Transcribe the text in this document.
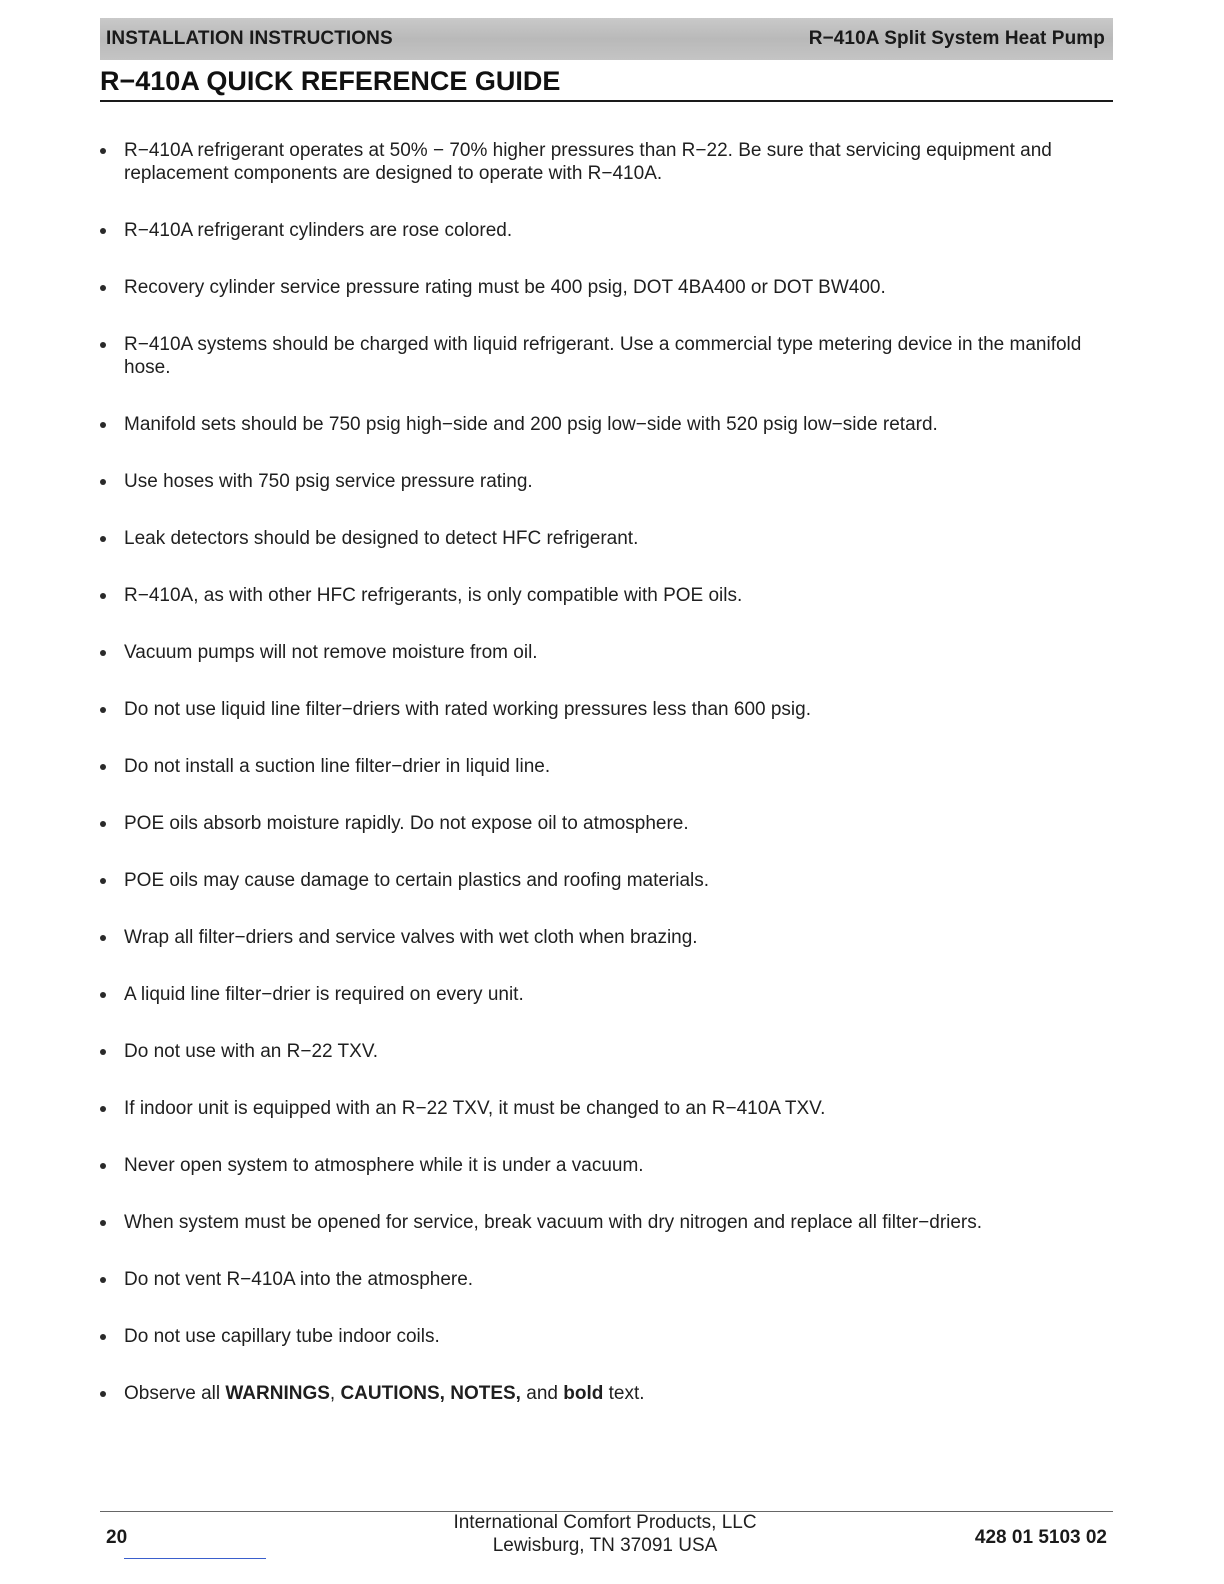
INSTALLATION INSTRUCTIONS	R−410A Split System Heat Pump
R−410A QUICK REFERENCE GUIDE
R−410A refrigerant operates at 50% − 70% higher pressures than R−22. Be sure that servicing equipment and replacement components are designed to operate with R−410A.
R−410A refrigerant cylinders are rose colored.
Recovery cylinder service pressure rating must be 400 psig, DOT 4BA400 or DOT BW400.
R−410A systems should be charged with liquid refrigerant. Use a commercial type metering device in the manifold hose.
Manifold sets should be 750 psig high−side and 200 psig low−side with 520 psig low−side retard.
Use hoses with 750 psig service pressure rating.
Leak detectors should be designed to detect HFC refrigerant.
R−410A, as with other HFC refrigerants, is only compatible with POE oils.
Vacuum pumps will not remove moisture from oil.
Do not use liquid line filter−driers with rated working pressures less than 600 psig.
Do not install a suction line filter−drier in liquid line.
POE oils absorb moisture rapidly. Do not expose oil to atmosphere.
POE oils may cause damage to certain plastics and roofing materials.
Wrap all filter−driers and service valves with wet cloth when brazing.
A liquid line filter−drier is required on every unit.
Do not use with an R−22 TXV.
If indoor unit is equipped with an R−22 TXV, it must be changed to an R−410A TXV.
Never open system to atmosphere while it is under a vacuum.
When system must be opened for service, break vacuum with dry nitrogen and replace all filter−driers.
Do not vent R−410A into the atmosphere.
Do not use capillary tube indoor coils.
Observe all WARNINGS, CAUTIONS, NOTES, and bold text.
20
International Comfort Products, LLC
Lewisburg, TN 37091 USA	428 01 5103 02
